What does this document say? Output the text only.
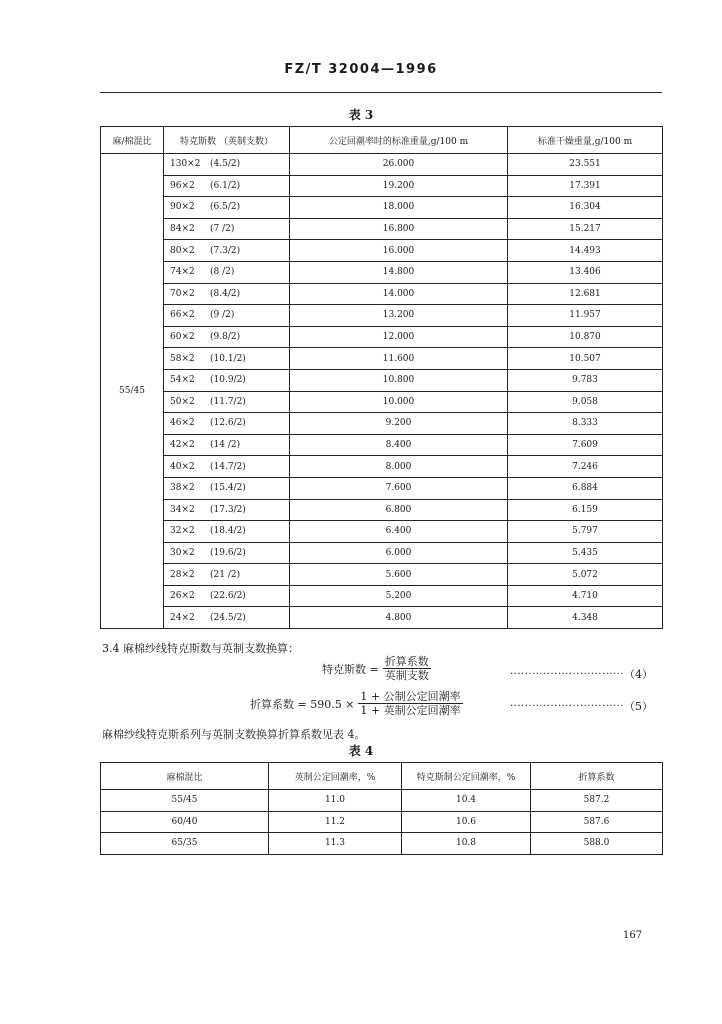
FZ/T 32004—1996
表 3
麻/棉混比	特克斯数 （英制支数）	公定回潮率时的标准重量,g/100 m	标准干燥重量,g/100 m
55/45	130×2 (4.5/2)	26.000	23.551
	96×2 (6.1/2)	19.200	17.391
	90×2 (6.5/2)	18.000	16.304
	84×2 (7 /2)	16.800	15.217
	80×2 (7.3/2)	16.000	14.493
	74×2 (8 /2)	14.800	13.406
	70×2 (8.4/2)	14.000	12.681
	66×2 (9 /2)	13.200	11.957
	60×2 (9.8/2)	12.000	10.870
	58×2 (10.1/2)	11.600	10.507
	54×2 (10.9/2)	10.800	9.783
	50×2 (11.7/2)	10.000	9.058
	46×2 (12.6/2)	9.200	8.333
	42×2 (14 /2)	8.400	7.609
	40×2 (14.7/2)	8.000	7.246
	38×2 (15.4/2)	7.600	6.884
	34×2 (17.3/2)	6.800	6.159
	32×2 (18.4/2)	6.400	5.797
	30×2 (19.6/2)	6.000	5.435
	28×2 (21 /2)	5.600	5.072
	26×2 (22.6/2)	5.200	4.710
	24×2 (24.5/2)	4.800	4.348
3.4 麻棉纱线特克斯数与英制支数换算：
特克斯数 = $\frac{\text{折算系数}}{\text{英制支数}}$	······························· （4）
折算系数 = $590.5 \times \frac{\text{1 + 公制公定回潮率}}{\text{1 + 英制公定回潮率}}$	······························· （5）
麻棉纱线特克斯系列与英制支数换算折算系数见表 4。
表 4
麻棉混比	英制公定回潮率，%	特克斯制公定回潮率，%	折算系数
55/45	11.0	10.4	587.2
60/40	11.2	10.6	587.6
65/35	11.3	10.8	588.0
167
